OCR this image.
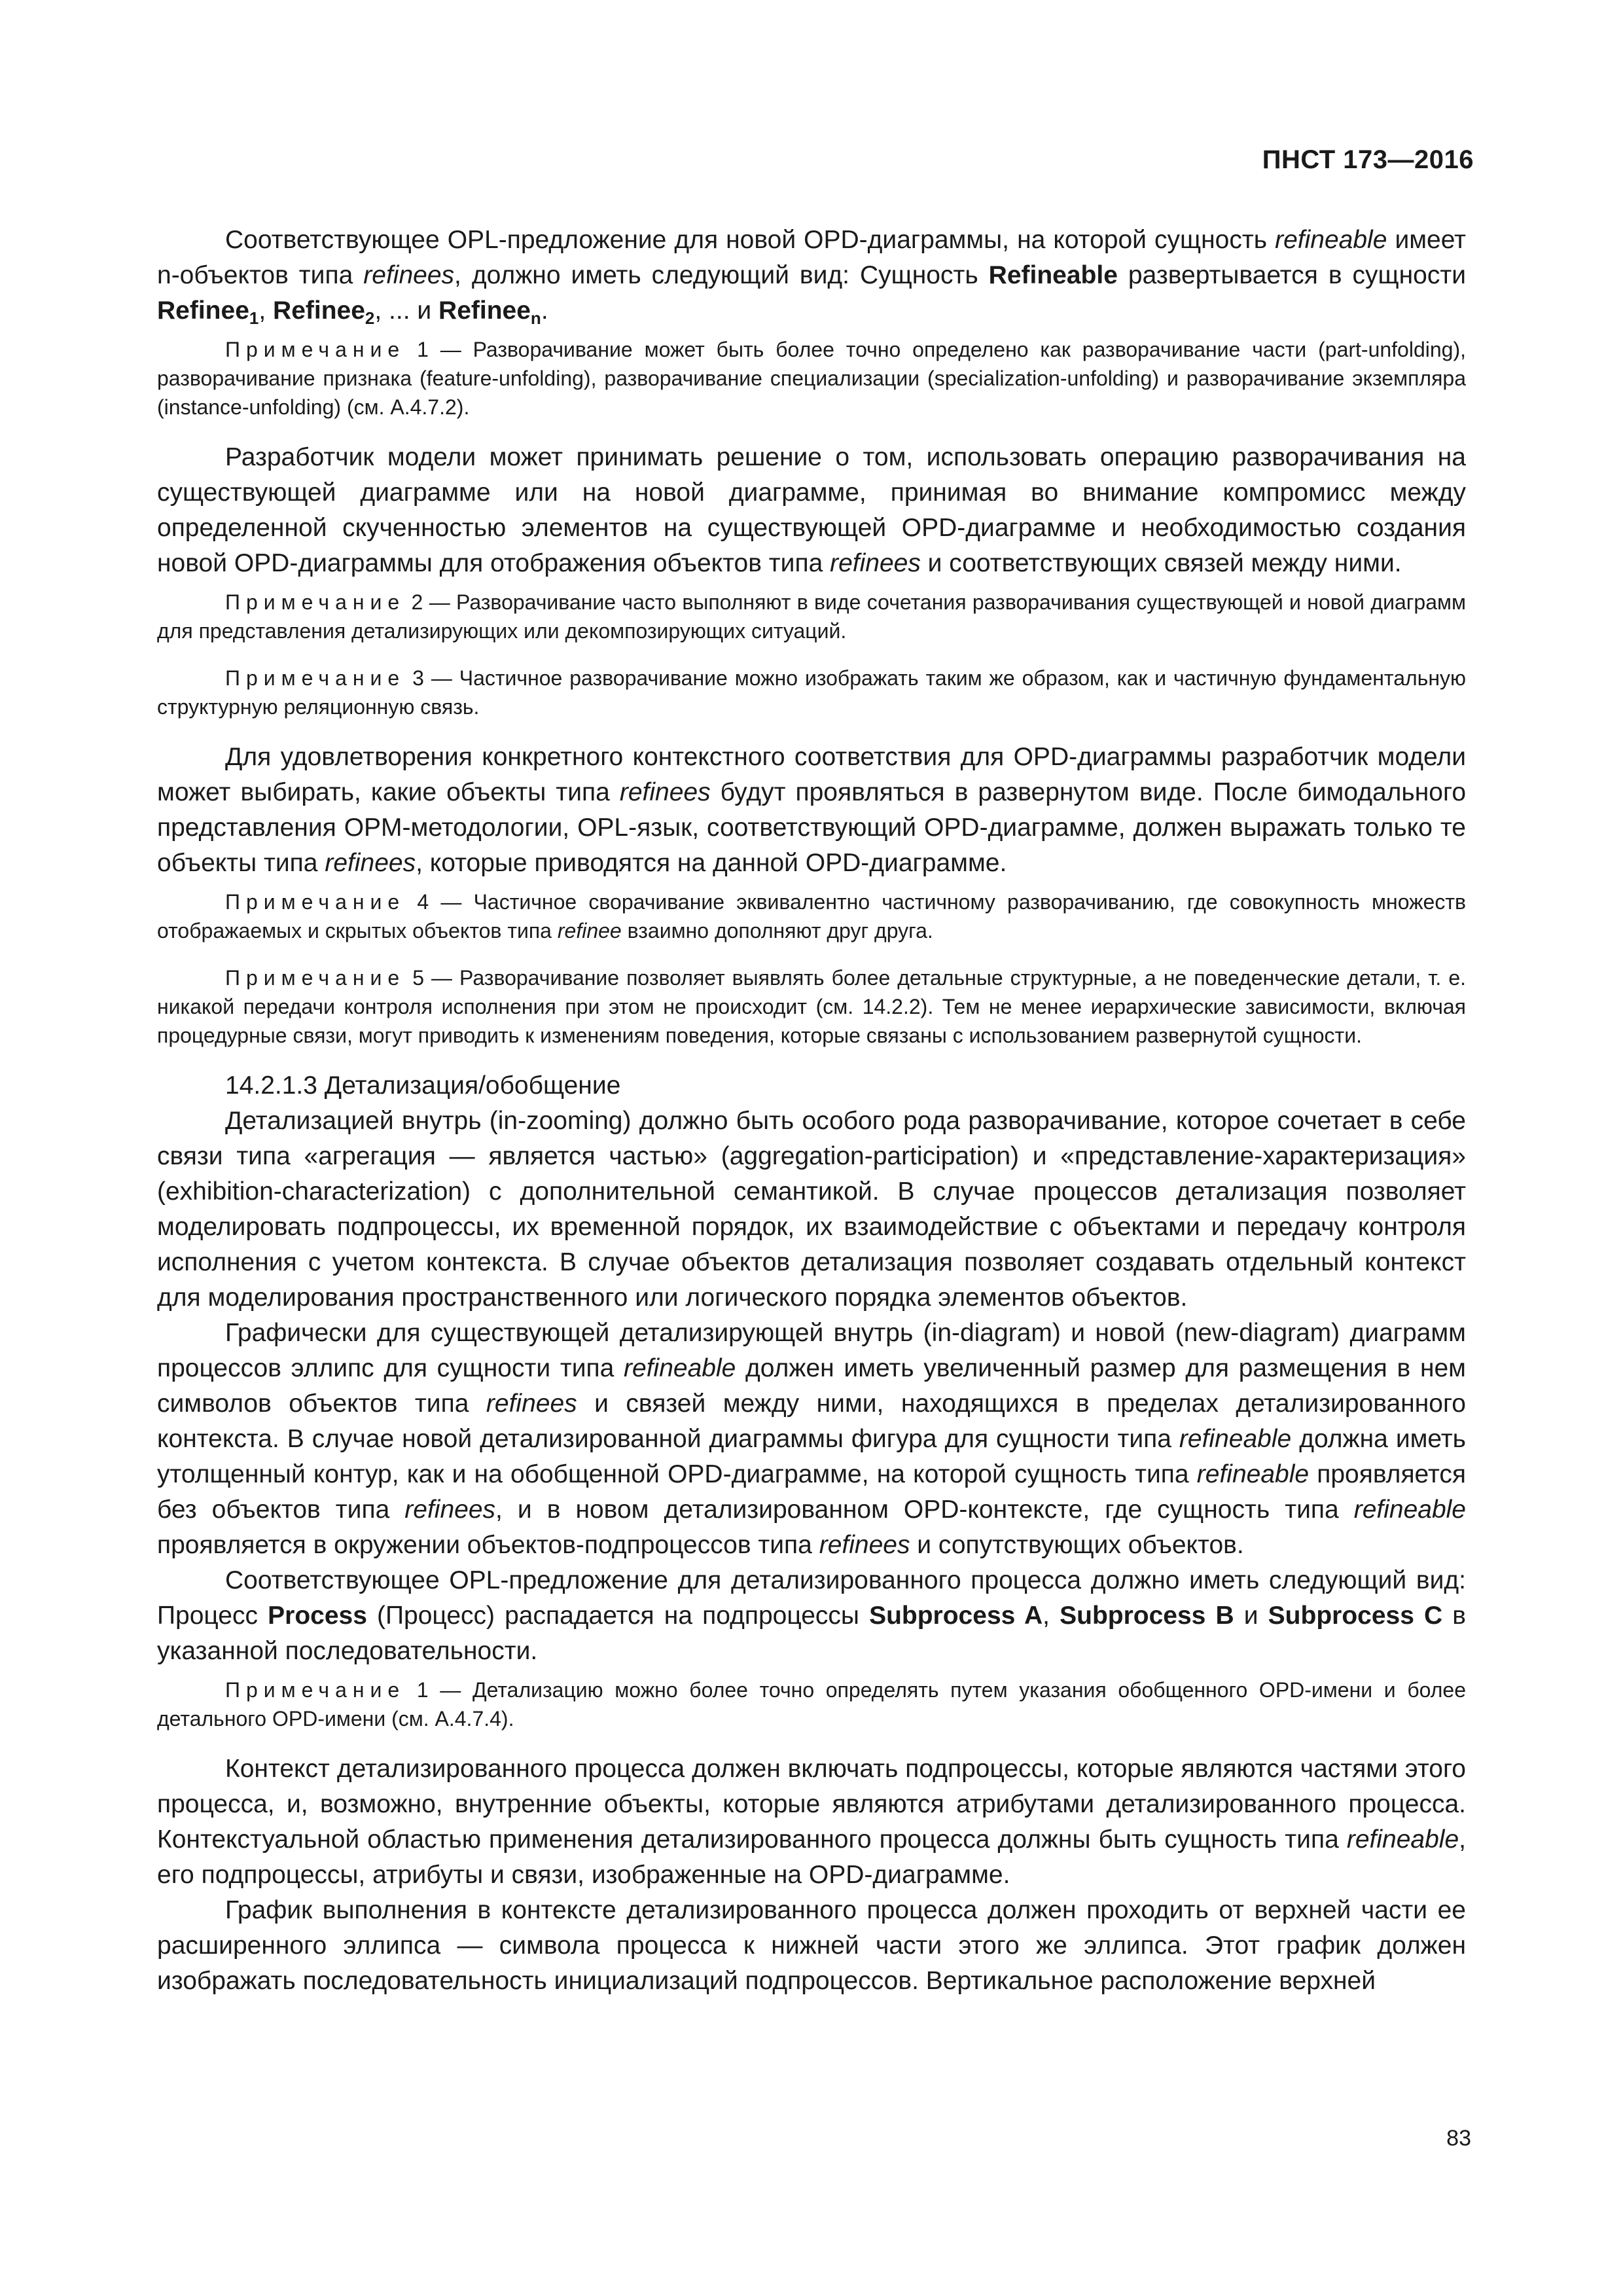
ПНСТ 173—2016

Соответствующее OPL-предложение для новой OPD-диаграммы, на которой сущность refineable имеет n-объектов типа refinees, должно иметь следующий вид: Сущность Refineable развертывается в сущности Refinee$_1$, Refinee$_2$, ... и Refinee$_n$.

Примечание 1 — Разворачивание может быть более точно определено как разворачивание части (part-unfolding), разворачивание признака (feature-unfolding), разворачивание специализации (specialization-unfolding) и разворачивание экземпляра (instance-unfolding) (см. А.4.7.2).

Разработчик модели может принимать решение о том, использовать операцию разворачивания на существующей диаграмме или на новой диаграмме, принимая во внимание компромисс между определенной скученностью элементов на существующей OPD-диаграмме и необходимостью создания новой OPD-диаграммы для отображения объектов типа refinees и соответствующих связей между ними.

Примечание 2 — Разворачивание часто выполняют в виде сочетания разворачивания существующей и новой диаграмм для представления детализирующих или декомпозирующих ситуаций.

Примечание 3 — Частичное разворачивание можно изображать таким же образом, как и частичную фундаментальную структурную реляционную связь.

Для удовлетворения конкретного контекстного соответствия для OPD-диаграммы разработчик модели может выбирать, какие объекты типа refinees будут проявляться в развернутом виде. После бимодального представления OPM-методологии, OPL-язык, соответствующий OPD-диаграмме, должен выражать только те объекты типа refinees, которые приводятся на данной OPD-диаграмме.

Примечание 4 — Частичное сворачивание эквивалентно частичному разворачиванию, где совокупность множеств отображаемых и скрытых объектов типа refinee взаимно дополняют друг друга.

Примечание 5 — Разворачивание позволяет выявлять более детальные структурные, а не поведенческие детали, т. е. никакой передачи контроля исполнения при этом не происходит (см. 14.2.2). Тем не менее иерархические зависимости, включая процедурные связи, могут приводить к изменениям поведения, которые связаны с использованием развернутой сущности.

14.2.1.3 Детализация/обобщение

Детализацией внутрь (in-zooming) должно быть особого рода разворачивание, которое сочетает в себе связи типа «агрегация — является частью» (aggregation-participation) и «представление-характеризация» (exhibition-characterization) с дополнительной семантикой. В случае процессов детализация позволяет моделировать подпроцессы, их временной порядок, их взаимодействие с объектами и передачу контроля исполнения с учетом контекста. В случае объектов детализация позволяет создавать отдельный контекст для моделирования пространственного или логического порядка элементов объектов.

Графически для существующей детализирующей внутрь (in-diagram) и новой (new-diagram) диаграмм процессов эллипс для сущности типа refineable должен иметь увеличенный размер для размещения в нем символов объектов типа refinees и связей между ними, находящихся в пределах детализированного контекста. В случае новой детализированной диаграммы фигура для сущности типа refineable должна иметь утолщенный контур, как и на обобщенной OPD-диаграмме, на которой сущность типа refineable проявляется без объектов типа refinees, и в новом детализированном OPD-контексте, где сущность типа refineable проявляется в окружении объектов-подпроцессов типа refinees и сопутствующих объектов.

Соответствующее OPL-предложение для детализированного процесса должно иметь следующий вид: Процесс Process (Процесс) распадается на подпроцессы Subprocess A, Subprocess B и Subprocess C в указанной последовательности.

Примечание 1 — Детализацию можно более точно определять путем указания обобщенного OPD-имени и более детального OPD-имени (см. А.4.7.4).

Контекст детализированного процесса должен включать подпроцессы, которые являются частями этого процесса, и, возможно, внутренние объекты, которые являются атрибутами детализированного процесса. Контекстуальной областью применения детализированного процесса должны быть сущность типа refineable, его подпроцессы, атрибуты и связи, изображенные на OPD-диаграмме.

График выполнения в контексте детализированного процесса должен проходить от верхней части ее расширенного эллипса — символа процесса к нижней части этого же эллипса. Этот график должен изображать последовательность инициализаций подпроцессов. Вертикальное расположение верхней

83
